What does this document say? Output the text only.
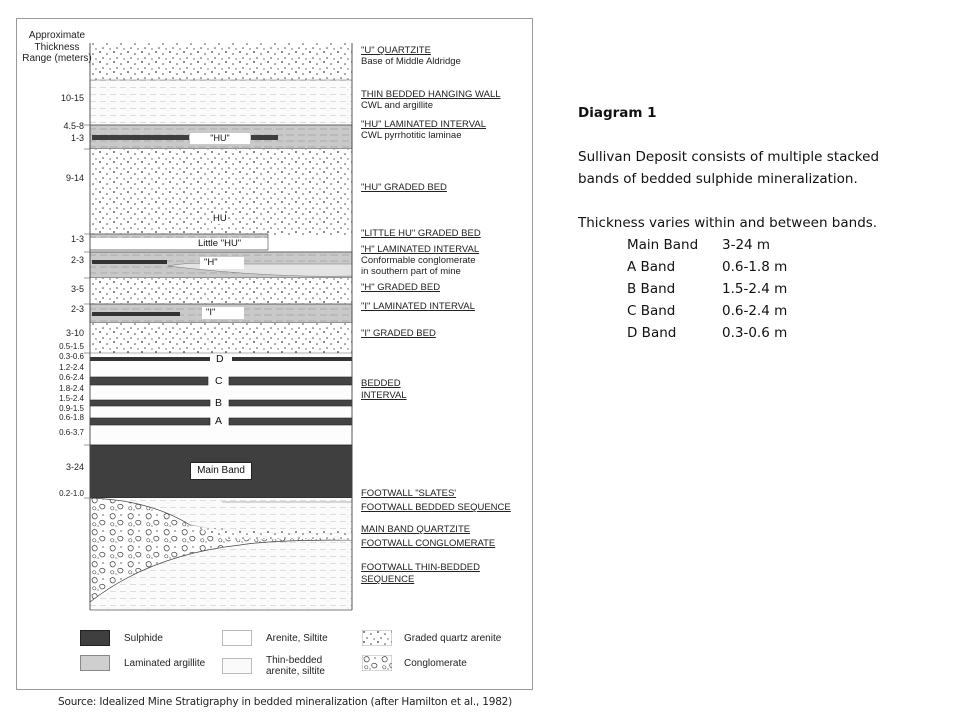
"HU"
HU
Little "HU"
"H"
"I"
D
C
B
A
Main Band
Approximate Thickness Range (meters)
10-15
4.5-8
1-3
9-14
1-3
2-3
3-5
2-3
3-10
0.5-1.5
0.3-0.6
1.2-2.4
0.6-2.4
1.8-2.4
1.5-2.4
0.9-1.5
0.6-1.8
0.6-3.7
3-24
0.2-1.0
"U" QUARTZITE
Base of Middle Aldridge
THIN BEDDED HANGING WALL
CWL and argillite
"HU" LAMINATED INTERVAL
CWL pyrrhotitic laminae
"HU" GRADED BED
"LITTLE HU" GRADED BED
"H" LAMINATED INTERVAL
Conformable conglomerate
in southern part of mine
"H" GRADED BED
"I" LAMINATED INTERVAL
"I" GRADED BED
BEDDED
INTERVAL
FOOTWALL "SLATES'
FOOTWALL BEDDED SEQUENCE
MAIN BAND QUARTZITE
FOOTWALL CONGLOMERATE
FOOTWALL THIN-BEDDED
SEQUENCE
Sulphide
Laminated argillite
Arenite, Siltite
Thin-bedded arenite, siltite
Graded quartz arenite
Conglomerate
Source: Idealized Mine Stratigraphy in bedded mineralization (after Hamilton et al., 1982)
Diagram 1
Sullivan Deposit consists of multiple stacked
bands of bedded sulphide mineralization.
Thickness varies within and between bands.
Main Band	3-24 m
A Band	0.6-1.8 m
B Band	1.5-2.4 m
C Band	0.6-2.4 m
D Band	0.3-0.6 m
